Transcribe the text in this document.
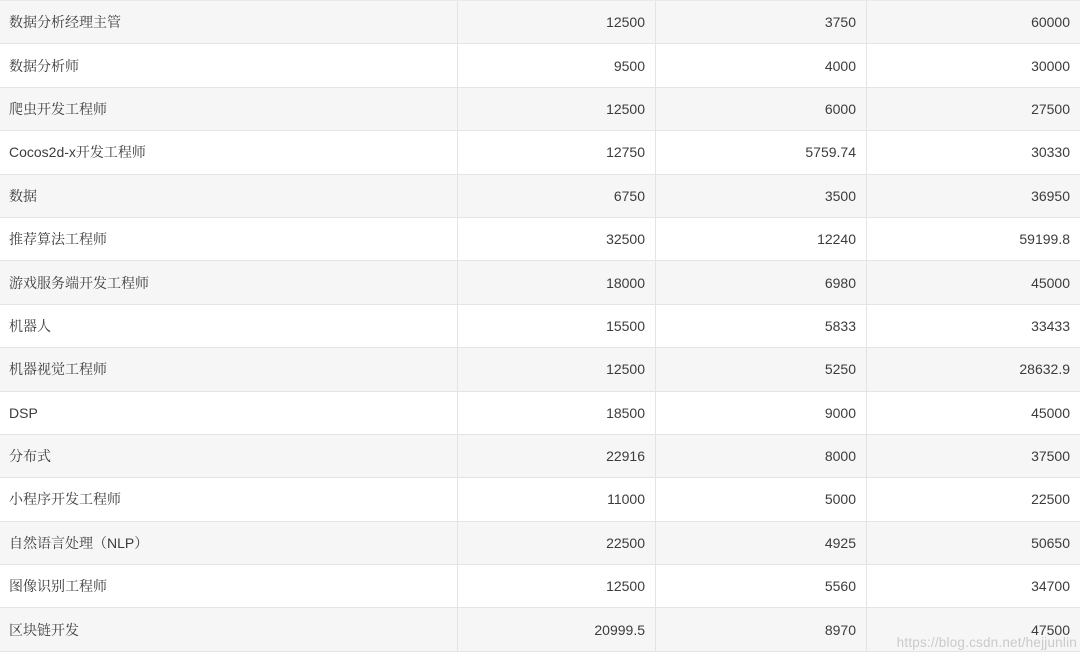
数据分析经理主管	12500	3750	60000
数据分析师	9500	4000	30000
爬虫开发工程师	12500	6000	27500
Cocos2d-x开发工程师	12750	5759.74	30330
数据	6750	3500	36950
推荐算法工程师	32500	12240	59199.8
游戏服务端开发工程师	18000	6980	45000
机器人	15500	5833	33433
机器视觉工程师	12500	5250	28632.9
DSP	18500	9000	45000
分布式	22916	8000	37500
小程序开发工程师	11000	5000	22500
自然语言处理（NLP）	22500	4925	50650
图像识别工程师	12500	5560	34700
区块链开发	20999.5	8970	47500
https://blog.csdn.net/hejjunlin
